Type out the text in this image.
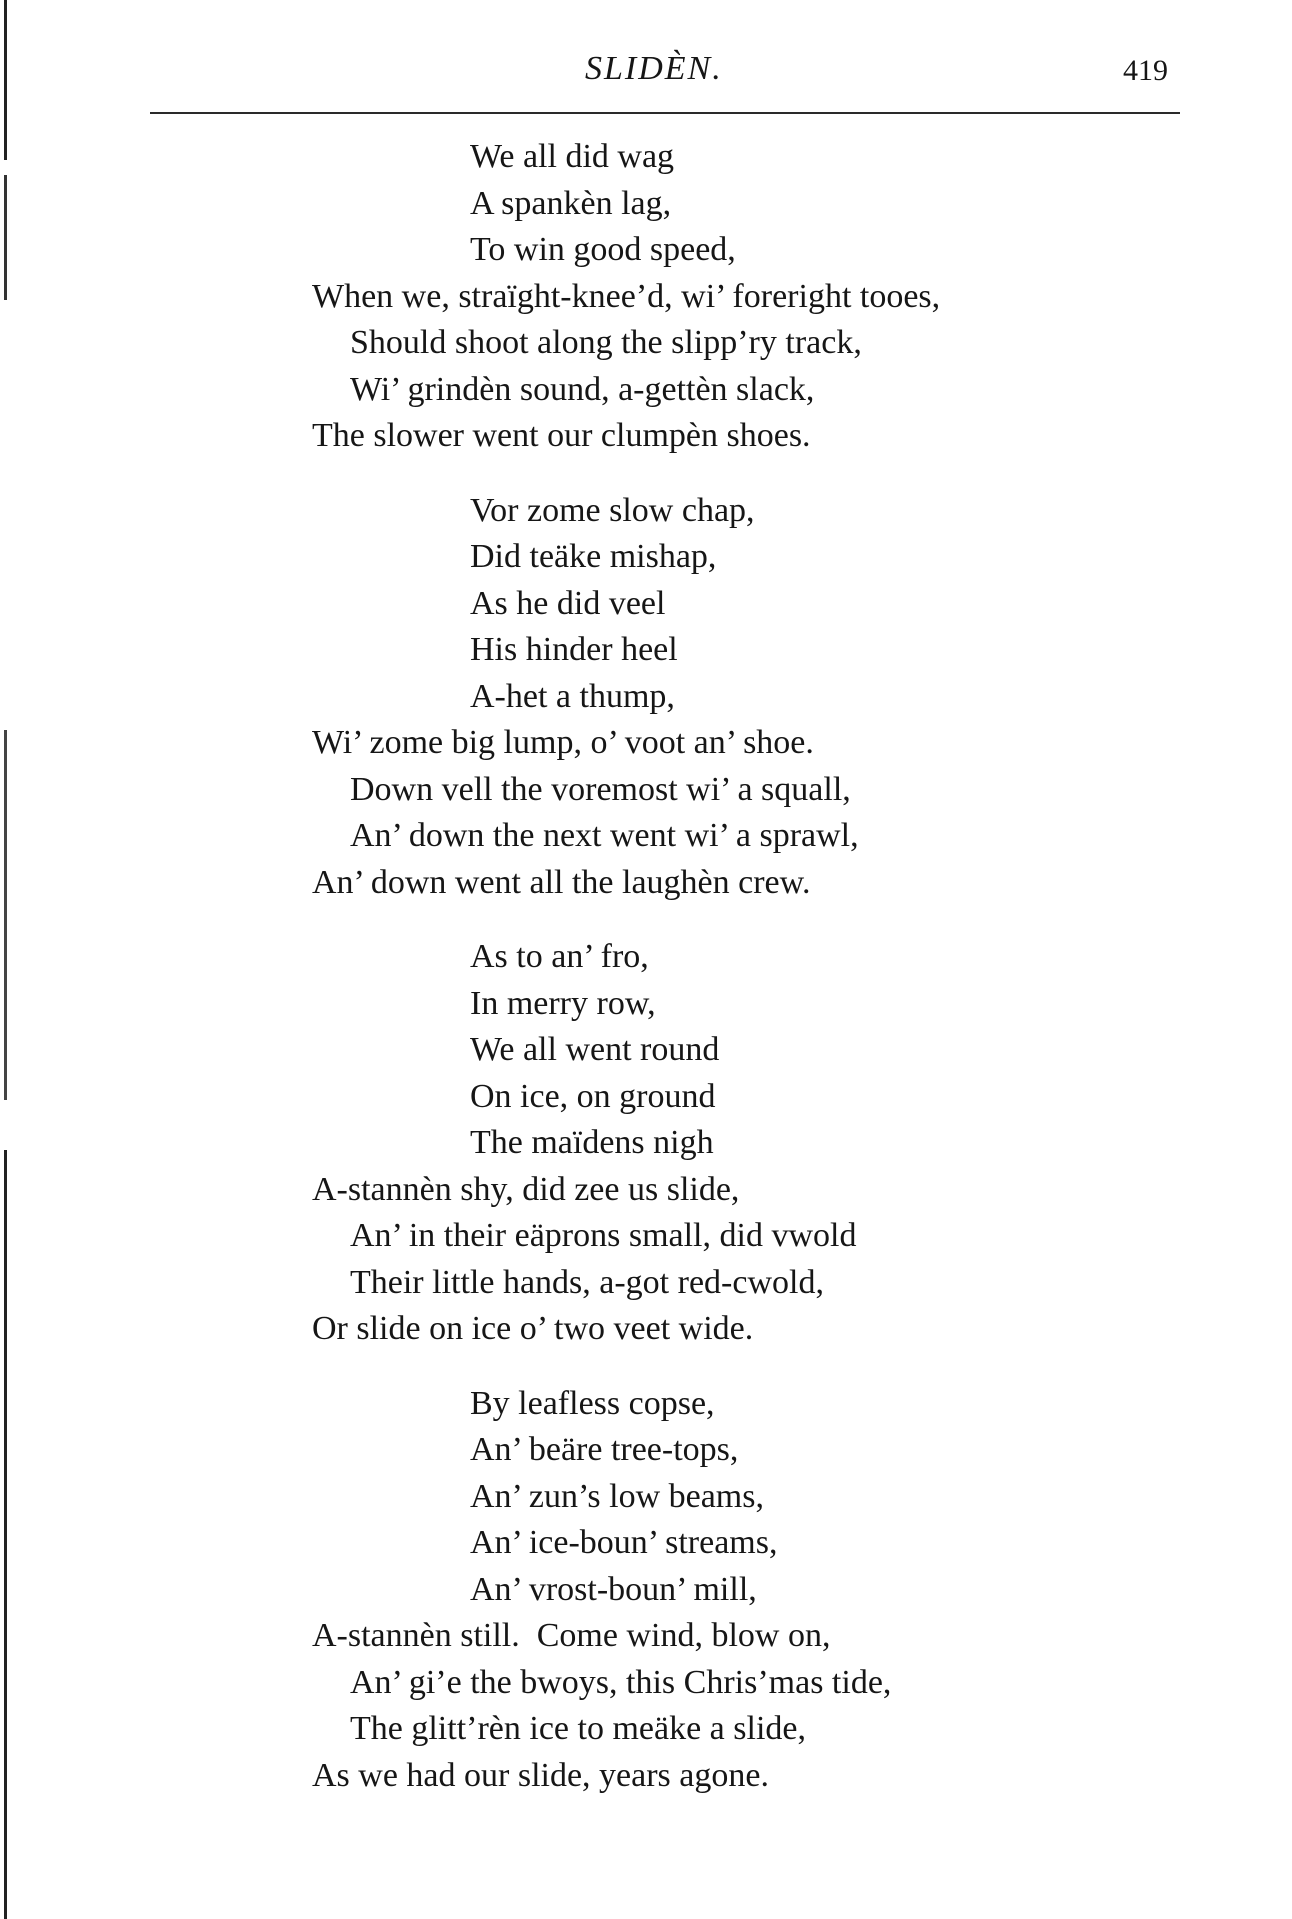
SLIDÈN.	419
We all did wag
A spankèn lag,
To win good speed,
When we, straïght-knee’d, wi’ foreright tooes,
Should shoot along the slipp’ry track,
Wi’ grindèn sound, a-gettèn slack,
The slower went our clumpèn shoes.
Vor zome slow chap,
Did teäke mishap,
As he did veel
His hinder heel
A-het a thump,
Wi’ zome big lump, o’ voot an’ shoe.
Down vell the voremost wi’ a squall,
An’ down the next went wi’ a sprawl,
An’ down went all the laughèn crew.
As to an’ fro,
In merry row,
We all went round
On ice, on ground
The maïdens nigh
A-stannèn shy, did zee us slide,
An’ in their eäprons small, did vwold
Their little hands, a-got red-cwold,
Or slide on ice o’ two veet wide.
By leafless copse,
An’ beäre tree-tops,
An’ zun’s low beams,
An’ ice-boun’ streams,
An’ vrost-boun’ mill,
A-stannèn still.  Come wind, blow on,
An’ gi’e the bwoys, this Chris’mas tide,
The glitt’rèn ice to meäke a slide,
As we had our slide, years agone.
